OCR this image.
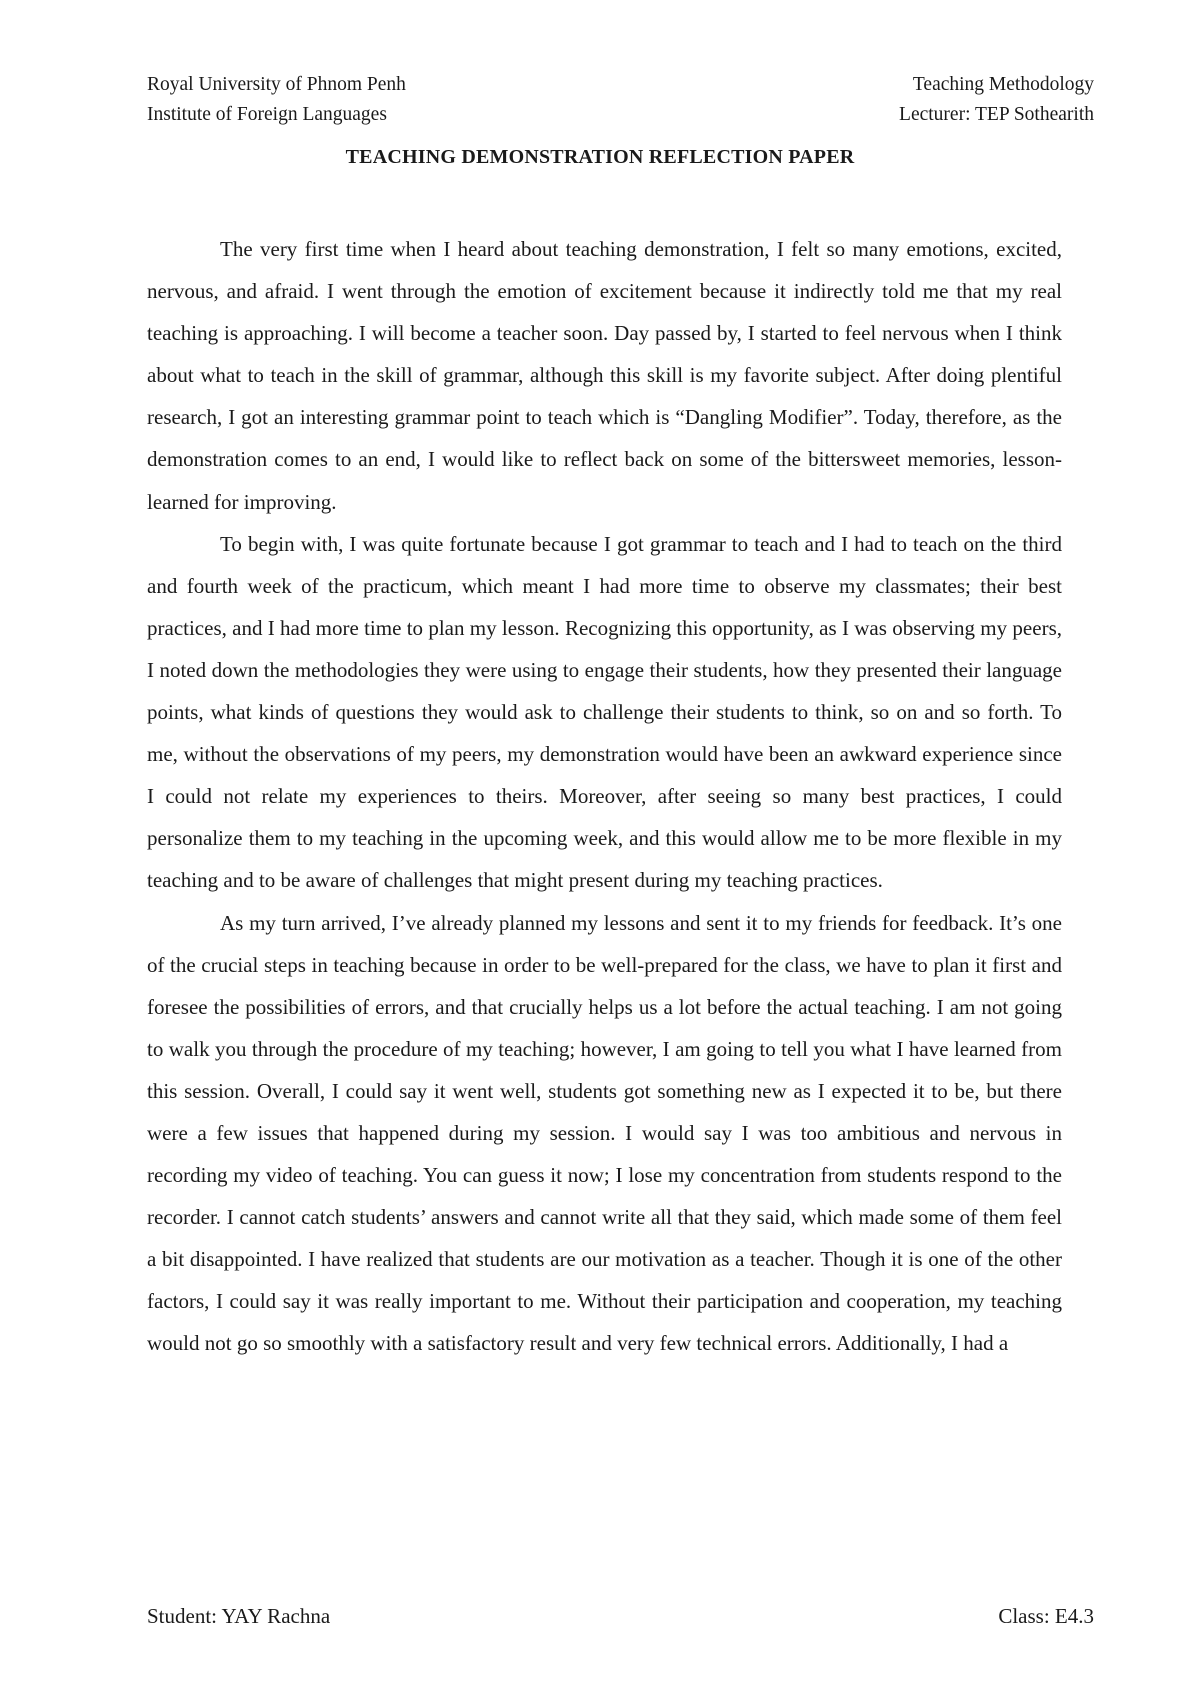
Royal University of Phnom Penh
Institute of Foreign Languages
Teaching Methodology
Lecturer: TEP Sothearith
TEACHING DEMONSTRATION REFLECTION PAPER

The very first time when I heard about teaching demonstration, I felt so many emotions, excited, nervous, and afraid. I went through the emotion of excitement because it indirectly told me that my real teaching is approaching. I will become a teacher soon. Day passed by, I started to feel nervous when I think about what to teach in the skill of grammar, although this skill is my favorite subject. After doing plentiful research, I got an interesting grammar point to teach which is “Dangling Modifier”. Today, therefore, as the demonstration comes to an end, I would like to reflect back on some of the bittersweet memories, lesson-learned for improving.

To begin with, I was quite fortunate because I got grammar to teach and I had to teach on the third and fourth week of the practicum, which meant I had more time to observe my classmates; their best practices, and I had more time to plan my lesson. Recognizing this opportunity, as I was observing my peers, I noted down the methodologies they were using to engage their students, how they presented their language points, what kinds of questions they would ask to challenge their students to think, so on and so forth. To me, without the observations of my peers, my demonstration would have been an awkward experience since I could not relate my experiences to theirs. Moreover, after seeing so many best practices, I could personalize them to my teaching in the upcoming week, and this would allow me to be more flexible in my teaching and to be aware of challenges that might present during my teaching practices.

As my turn arrived, I’ve already planned my lessons and sent it to my friends for feedback. It’s one of the crucial steps in teaching because in order to be well-prepared for the class, we have to plan it first and foresee the possibilities of errors, and that crucially helps us a lot before the actual teaching. I am not going to walk you through the procedure of my teaching; however, I am going to tell you what I have learned from this session. Overall, I could say it went well, students got something new as I expected it to be, but there were a few issues that happened during my session. I would say I was too ambitious and nervous in recording my video of teaching. You can guess it now; I lose my concentration from students respond to the recorder. I cannot catch students’ answers and cannot write all that they said, which made some of them feel a bit disappointed. I have realized that students are our motivation as a teacher. Though it is one of the other factors, I could say it was really important to me. Without their participation and cooperation, my teaching would not go so smoothly with a satisfactory result and very few technical errors. Additionally, I had a

Student: YAY Rachna	Class: E4.3
